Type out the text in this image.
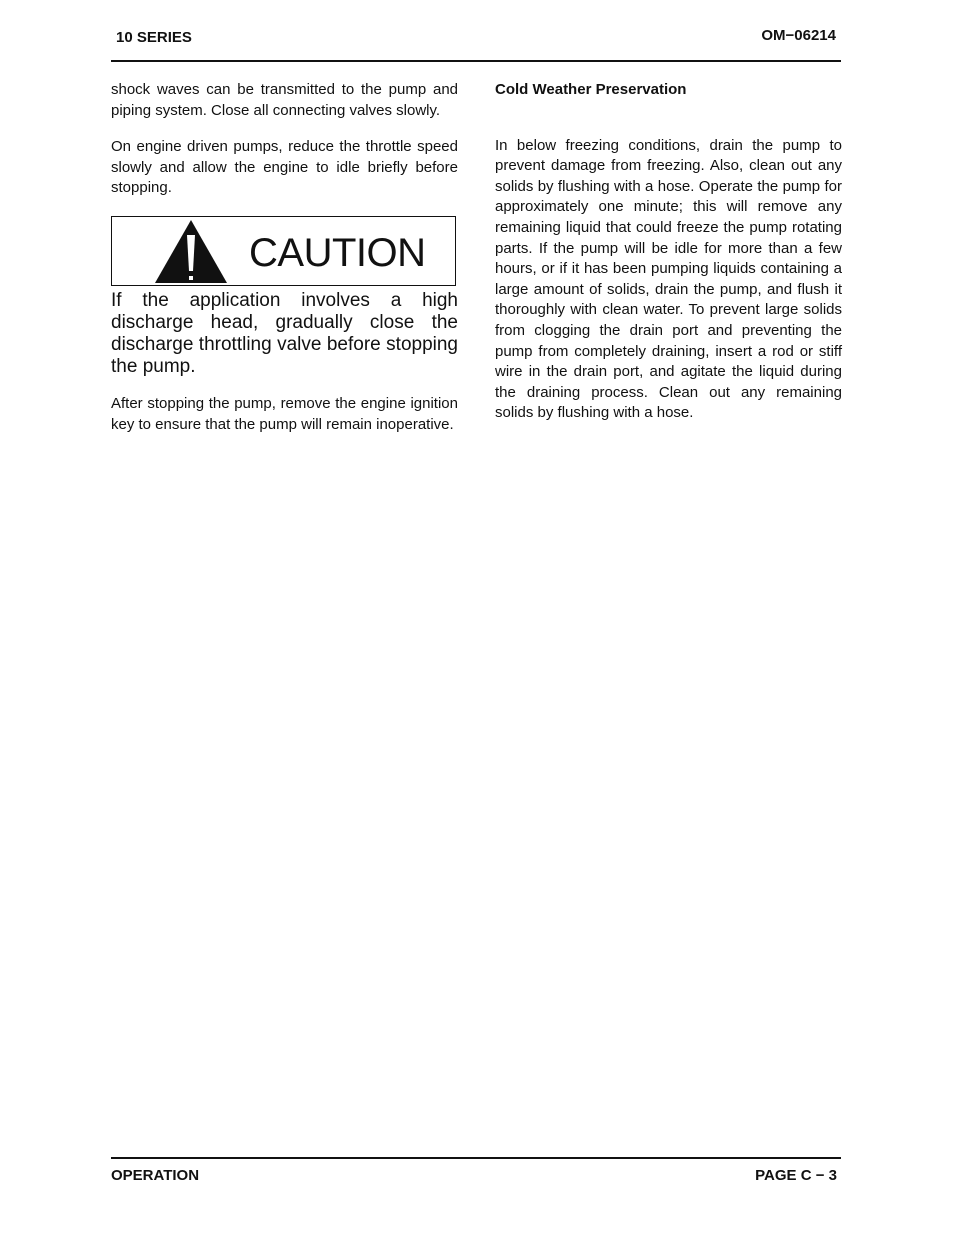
10 SERIES	OM−06214

shock waves can be transmitted to the pump and piping system. Close all connecting valves slowly.

On engine driven pumps, reduce the throttle speed slowly and allow the engine to idle briefly before stopping.

CAUTION

If the application involves a high discharge head, gradually close the discharge throttling valve before stopping the pump.

After stopping the pump, remove the engine ignition key to ensure that the pump will remain inoperative.

Cold Weather Preservation

In below freezing conditions, drain the pump to prevent damage from freezing. Also, clean out any solids by flushing with a hose. Operate the pump for approximately one minute; this will remove any remaining liquid that could freeze the pump rotating parts. If the pump will be idle for more than a few hours, or if it has been pumping liquids containing a large amount of solids, drain the pump, and flush it thoroughly with clean water. To prevent large solids from clogging the drain port and preventing the pump from completely draining, insert a rod or stiff wire in the drain port, and agitate the liquid during the draining process. Clean out any remaining solids by flushing with a hose.

OPERATION	PAGE C − 3
